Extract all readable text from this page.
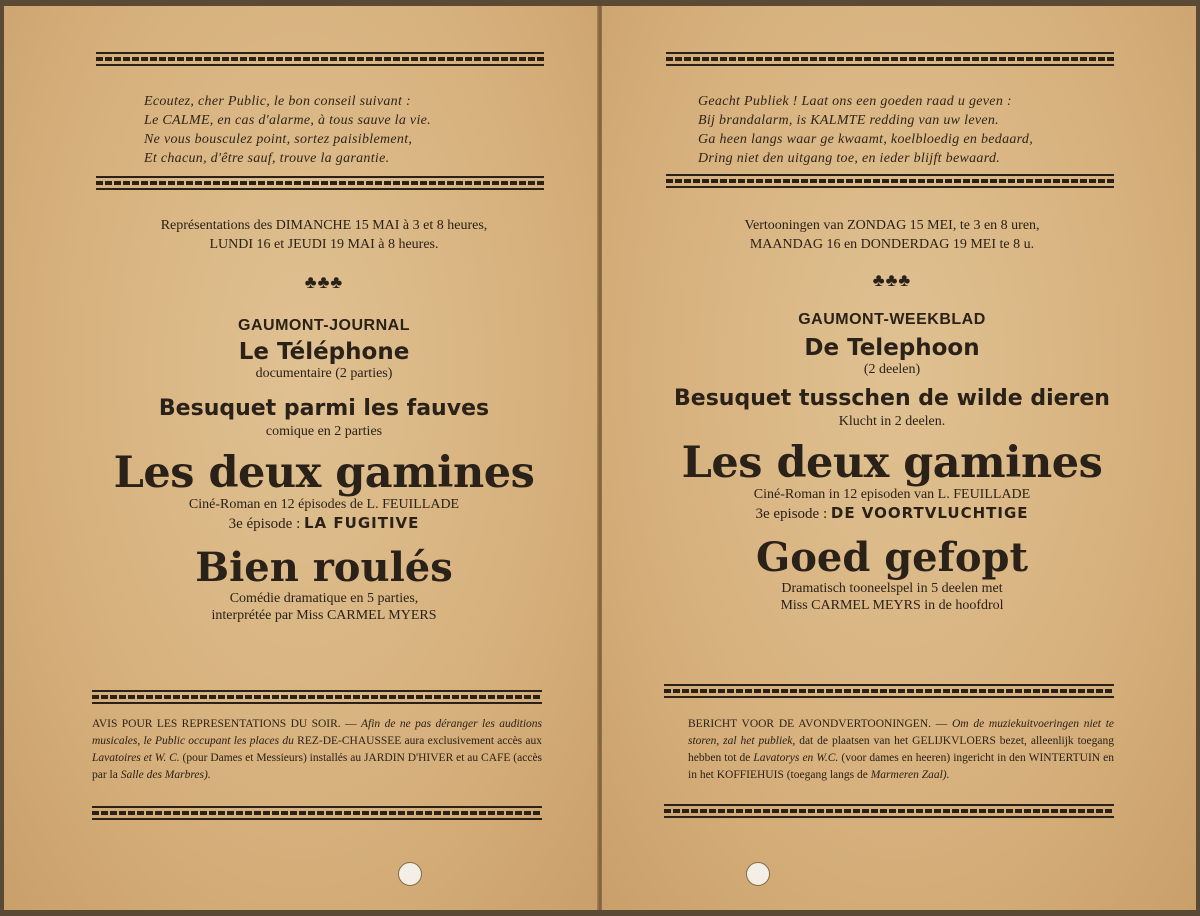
Ecoutez, cher Public, le bon conseil suivant :
Le CALME, en cas d'alarme, à tous sauve la vie.
Ne vous bousculez point, sortez paisiblement,
Et chacun, d'être sauf, trouve la garantie.
Représentations des DIMANCHE 15 MAI à 3 et 8 heures,
LUNDI 16 et JEUDI 19 MAI à 8 heures.
♣♣♣
GAUMONT-JOURNAL
Le Téléphone
documentaire (2 parties)
Besuquet parmi les fauves
comique en 2 parties
Les deux gamines
Ciné-Roman en 12 épisodes de L. FEUILLADE
3e épisode : LA FUGITIVE
Bien roulés
Comédie dramatique en 5 parties,
interprétée par Miss CARMEL MYERS
AVIS POUR LES REPRESENTATIONS DU SOIR. — Afin de ne pas déranger les auditions musicales, le Public occupant les places du REZ-DE-CHAUSSEE aura exclusivement accès aux Lavatoires et W. C. (pour Dames et Messieurs) installés au JARDIN D'HIVER et au CAFE (accès par la Salle des Marbres).
Geacht Publiek ! Laat ons een goeden raad u geven :
Bij brandalarm, is KALMTE redding van uw leven.
Ga heen langs waar ge kwaamt, koelbloedig en bedaard,
Dring niet den uitgang toe, en ieder blijft bewaard.
Vertooningen van ZONDAG 15 MEI, te 3 en 8 uren,
MAANDAG 16 en DONDERDAG 19 MEI te 8 u.
♣♣♣
GAUMONT-WEEKBLAD
De Telephoon
(2 deelen)
Besuquet tusschen de wilde dieren
Klucht in 2 deelen.
Les deux gamines
Ciné-Roman in 12 episoden van L. FEUILLADE
3e episode : DE VOORTVLUCHTIGE
Goed gefopt
Dramatisch tooneelspel in 5 deelen met
Miss CARMEL MEYRS in de hoofdrol
BERICHT VOOR DE AVONDVERTOONINGEN. — Om de muziekuitvoeringen niet te storen, zal het publiek, dat de plaatsen van het GELIJKVLOERS bezet, alleenlijk toegang hebben tot de Lavatorys en W.C. (voor dames en heeren) ingericht in den WINTERTUIN en in het KOFFIEHUIS (toegang langs de Marmeren Zaal).
